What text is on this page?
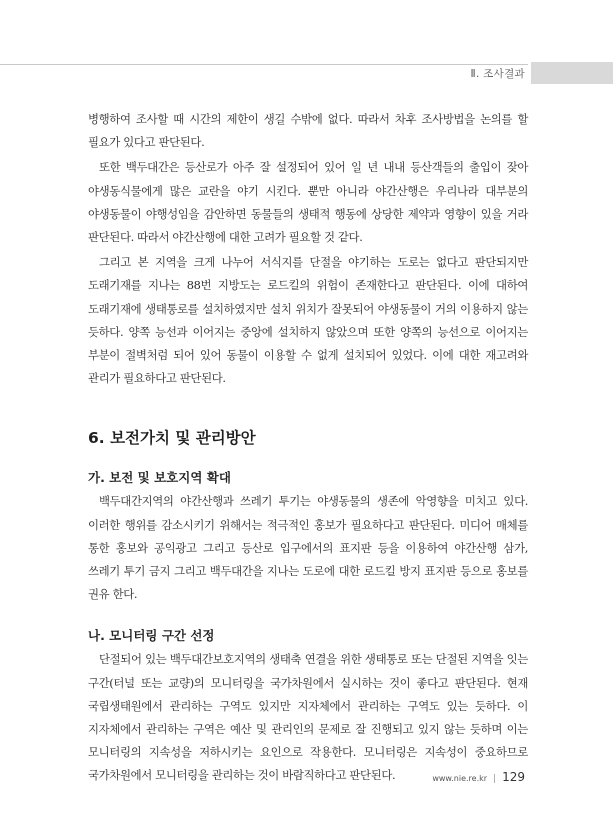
Ⅱ. 조사결과

병행하여 조사할 때 시간의 제한이 생길 수밖에 없다. 따라서 차후 조사방법을 논의를 할 필요가 있다고 판단된다.

또한 백두대간은 등산로가 아주 잘 설정되어 있어 일 년 내내 등산객들의 출입이 잦아 야생동식물에게 많은 교란을 야기 시킨다. 뿐만 아니라 야간산행은 우리나라 대부분의 야생동물이 야행성임을 감안하면 동물들의 생태적 행동에 상당한 제약과 영향이 있을 거라 판단된다. 따라서 야간산행에 대한 고려가 필요할 것 같다.

그리고 본 지역을 크게 나누어 서식지를 단절을 야기하는 도로는 없다고 판단되지만 도래기재를 지나는 88번 지방도는 로드킬의 위험이 존재한다고 판단된다. 이에 대하여 도래기재에 생태통로를 설치하였지만 설치 위치가 잘못되어 야생동물이 거의 이용하지 않는 듯하다. 양쪽 능선과 이어지는 중앙에 설치하지 않았으며 또한 양쪽의 능선으로 이어지는 부분이 절벽처럼 되어 있어 동물이 이용할 수 없게 설치되어 있었다. 이에 대한 재고려와 관리가 필요하다고 판단된다.

6. 보전가치 및 관리방안
가. 보전 및 보호지역 확대

백두대간지역의 야간산행과 쓰레기 투기는 야생동물의 생존에 악영향을 미치고 있다. 이러한 행위를 감소시키기 위해서는 적극적인 홍보가 필요하다고 판단된다. 미디어 매체를 통한 홍보와 공익광고 그리고 등산로 입구에서의 표지판 등을 이용하여 야간산행 삼가, 쓰레기 투기 금지 그리고 백두대간을 지나는 도로에 대한 로드킬 방지 표지판 등으로 홍보를 권유 한다.

나. 모니터링 구간 선정

단절되어 있는 백두대간보호지역의 생태축 연결을 위한 생태통로 또는 단절된 지역을 잇는 구간(터널 또는 교량)의 모니터링을 국가차원에서 실시하는 것이 좋다고 판단된다. 현재 국립생태원에서 관리하는 구역도 있지만 지자체에서 관리하는 구역도 있는 듯하다. 이 지자체에서 관리하는 구역은 예산 및 관리인의 문제로 잘 진행되고 있지 않는 듯하며 이는 모니터링의 지속성을 저하시키는 요인으로 작용한다. 모니터링은 지속성이 중요하므로 국가차원에서 모니터링을 관리하는 것이 바람직하다고 판단된다.	www.nie.re.kr | 129
